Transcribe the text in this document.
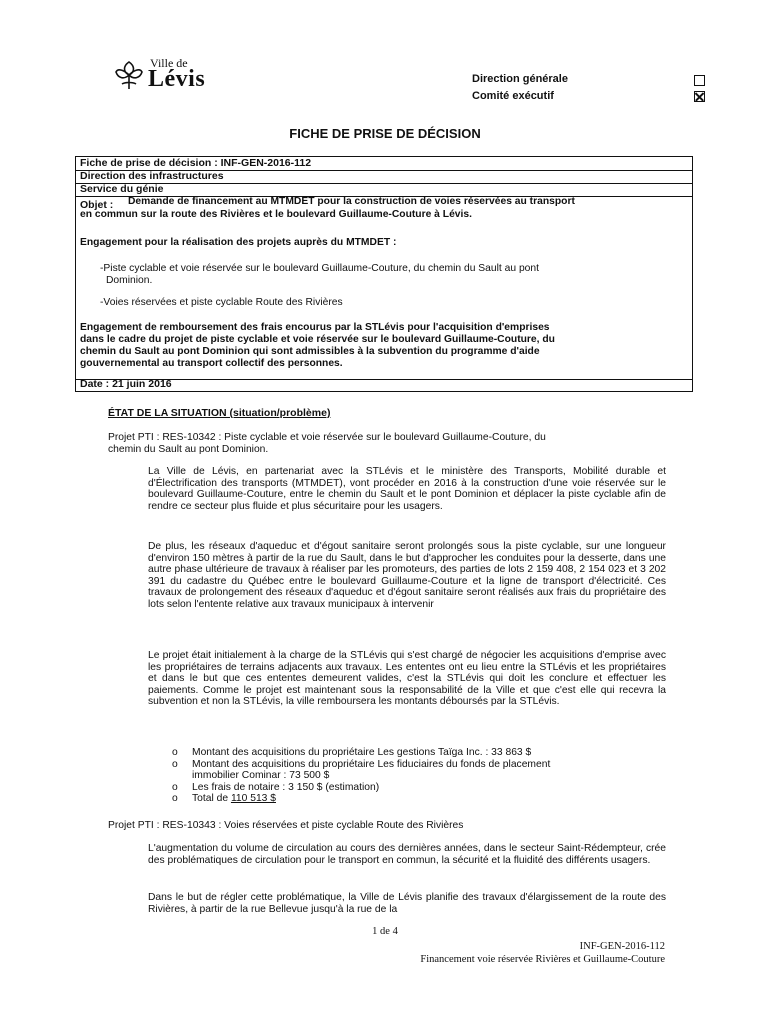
Ville de
Lévis	Direction générale
Comité exécutif
FICHE DE PRISE DE DÉCISION
Fiche de prise de décision : INF-GEN-2016-112
Direction des infrastructures
Service du génie
Objet : Demande de financement au MTMDET pour la construction de voies réservées au transport
en commun sur la route des Rivières et le boulevard Guillaume-Couture à Lévis.
Engagement pour la réalisation des projets auprès du MTMDET :
-Piste cyclable et voie réservée sur le boulevard Guillaume-Couture, du chemin du Sault au pont
Dominion.
-Voies réservées et piste cyclable Route des Rivières
Engagement de remboursement des frais encourus par la STLévis pour l'acquisition d'emprises
dans le cadre du projet de piste cyclable et voie réservée sur le boulevard Guillaume-Couture, du
chemin du Sault au pont Dominion qui sont admissibles à la subvention du programme d'aide
gouvernemental au transport collectif des personnes.
Date : 21 juin 2016
ÉTAT DE LA SITUATION (situation/problème)
Projet PTI : RES-10342 : Piste cyclable et voie réservée sur le boulevard Guillaume-Couture, du
chemin du Sault au pont Dominion.
La Ville de Lévis, en partenariat avec la STLévis et le ministère des Transports, Mobilité durable et d'Électrification des transports (MTMDET), vont procéder en 2016 à la construction d'une voie réservée sur le boulevard Guillaume-Couture, entre le chemin du Sault et le pont Dominion et déplacer la piste cyclable afin de rendre ce secteur plus fluide et plus sécuritaire pour les usagers.
De plus, les réseaux d'aqueduc et d'égout sanitaire seront prolongés sous la piste cyclable, sur une longueur d'environ 150 mètres à partir de la rue du Sault, dans le but d'approcher les conduites pour la desserte, dans une autre phase ultérieure de travaux à réaliser par les promoteurs, des parties de lots 2 159 408, 2 154 023 et 3 202 391 du cadastre du Québec entre le boulevard Guillaume-Couture et la ligne de transport d'électricité. Ces travaux de prolongement des réseaux d'aqueduc et d'égout sanitaire seront réalisés aux frais du propriétaire des lots selon l'entente relative aux travaux municipaux à intervenir
Le projet était initialement à la charge de la STLévis qui s'est chargé de négocier les acquisitions d'emprise avec les propriétaires de terrains adjacents aux travaux. Les ententes ont eu lieu entre la STLévis et les propriétaires et dans le but que ces ententes demeurent valides, c'est la STLévis qui doit les conclure et effectuer les paiements. Comme le projet est maintenant sous la responsabilité de la Ville et que c'est elle qui recevra la subvention et non la STLévis, la ville remboursera les montants déboursés par la STLévis.
o Montant des acquisitions du propriétaire Les gestions Taïga Inc. : 33 863 $
o Montant des acquisitions du propriétaire Les fiduciaires du fonds de placement
immobilier Cominar : 73 500 $
o Les frais de notaire : 3 150 $ (estimation)
o Total de 110 513 $
Projet PTI : RES-10343 : Voies réservées et piste cyclable Route des Rivières
L'augmentation du volume de circulation au cours des dernières années, dans le secteur Saint-Rédempteur, crée des problématiques de circulation pour le transport en commun, la sécurité et la fluidité des différents usagers.
Dans le but de régler cette problématique, la Ville de Lévis planifie des travaux d'élargissement de la route des Rivières, à partir de la rue Bellevue jusqu'à la rue de la
1 de 4
INF-GEN-2016-112
Financement voie réservée Rivières et Guillaume-Couture
